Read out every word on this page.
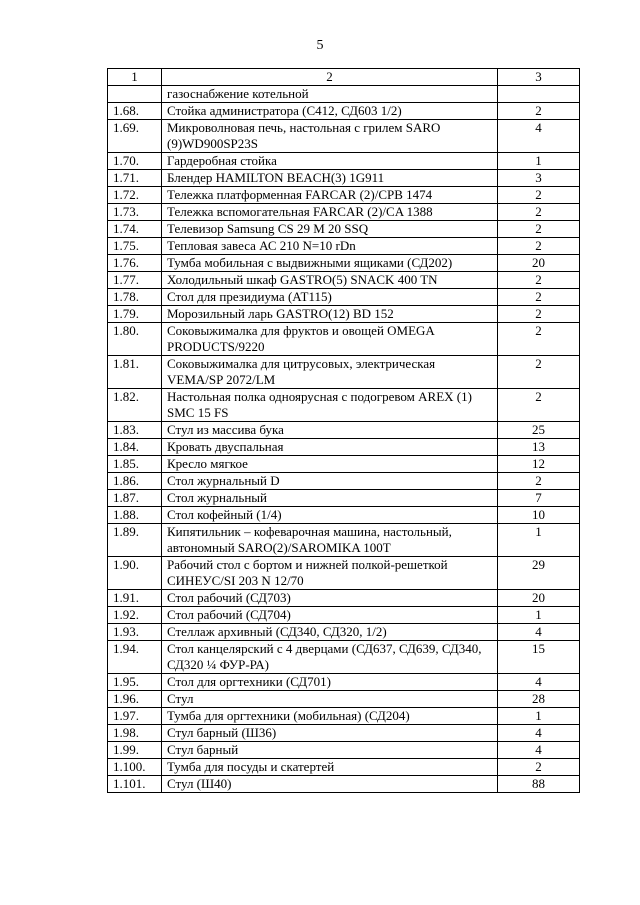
5
1	2	3
	газоснабжение котельной	
1.68.	Стойка администратора (С412, СД603 1/2)	2
1.69.	Микроволновая печь, настольная с грилем SARO (9)WD900SP23S	4
1.70.	Гардеробная стойка	1
1.71.	Блендер HAMILTON BEACH(3) 1G911	3
1.72.	Тележка платформенная FARCAR (2)/CPB 1474	2
1.73.	Тележка вспомогательная FARCAR (2)/CA 1388	2
1.74.	Телевизор Samsung CS 29 M 20 SSQ	2
1.75.	Тепловая завеса АС 210 N=10 rDn	2
1.76.	Тумба мобильная с выдвижными ящиками (СД202)	20
1.77.	Холодильный шкаф GASTRO(5) SNACK 400 TN	2
1.78.	Стол для президиума (АТ115)	2
1.79.	Морозильный ларь GASTRO(12) BD 152	2
1.80.	Соковыжималка для фруктов и овощей OMEGA PRODUCTS/9220	2
1.81.	Соковыжималка для цитрусовых, электрическая VEMA/SP 2072/LM	2
1.82.	Настольная полка одноярусная с подогревом AREX (1) SMC 15 FS	2
1.83.	Стул из массива бука	25
1.84.	Кровать двуспальная	13
1.85.	Кресло мягкое	12
1.86.	Стол журнальный D	2
1.87.	Стол журнальный	7
1.88.	Стол кофейный (1/4)	10
1.89.	Кипятильник – кофеварочная машина, настольный, автономный SARO(2)/SAROMIKA 100T	1
1.90.	Рабочий стол с бортом и нижней полкой-решеткой СИНЕУС/SI 203 N 12/70	29
1.91.	Стол рабочий (СД703)	20
1.92.	Стол рабочий (СД704)	1
1.93.	Стеллаж архивный (СД340, СД320, 1/2)	4
1.94.	Стол канцелярский с 4 дверцами (СД637, СД639, СД340, СД320 ¼ ФУР-РА)	15
1.95.	Стол для оргтехники (СД701)	4
1.96.	Стул	28
1.97.	Тумба для оргтехники (мобильная) (СД204)	1
1.98.	Стул барный (Ш36)	4
1.99.	Стул барный	4
1.100.	Тумба для посуды и скатертей	2
1.101.	Стул (Ш40)	88
